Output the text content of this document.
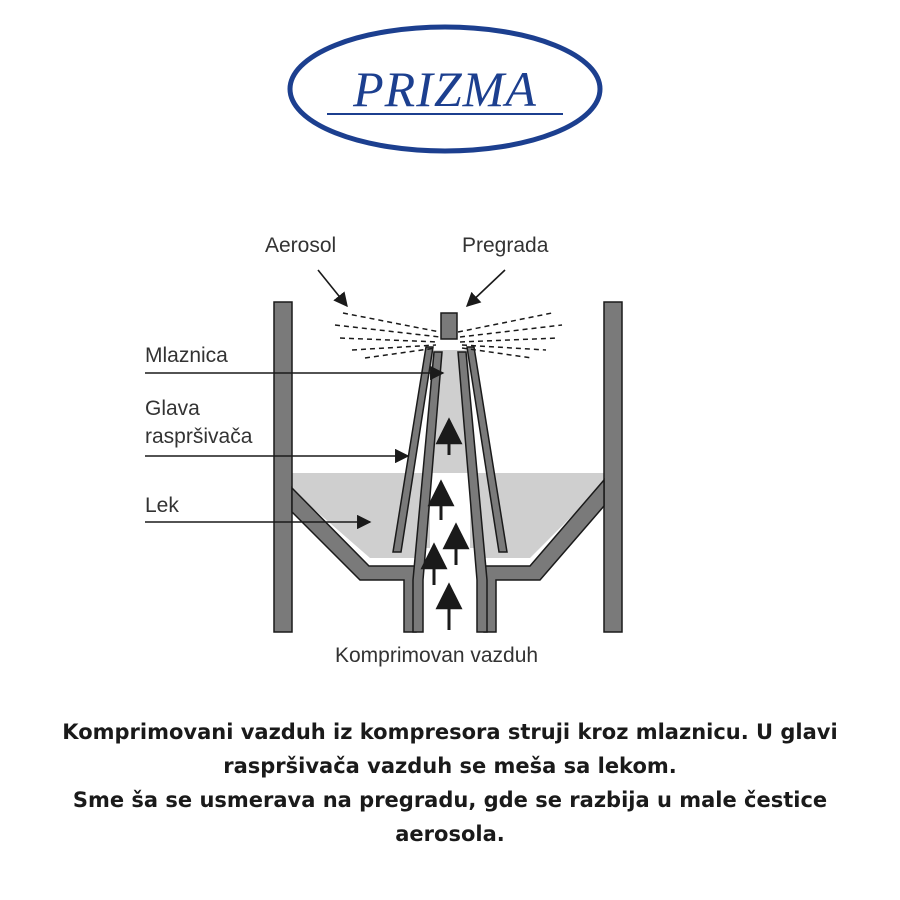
PRIZMA
Aerosol	Pregrada
Mlaznica
Glava
raspršivača
Lek
Komprimovan vazduh

Komprimovani vazduh iz kompresora struji kroz mlaznicu. U glavi raspršivača vazduh se meša sa lekom.

Sme ša se usmerava na pregradu, gde se razbija u male čestice aerosola.
